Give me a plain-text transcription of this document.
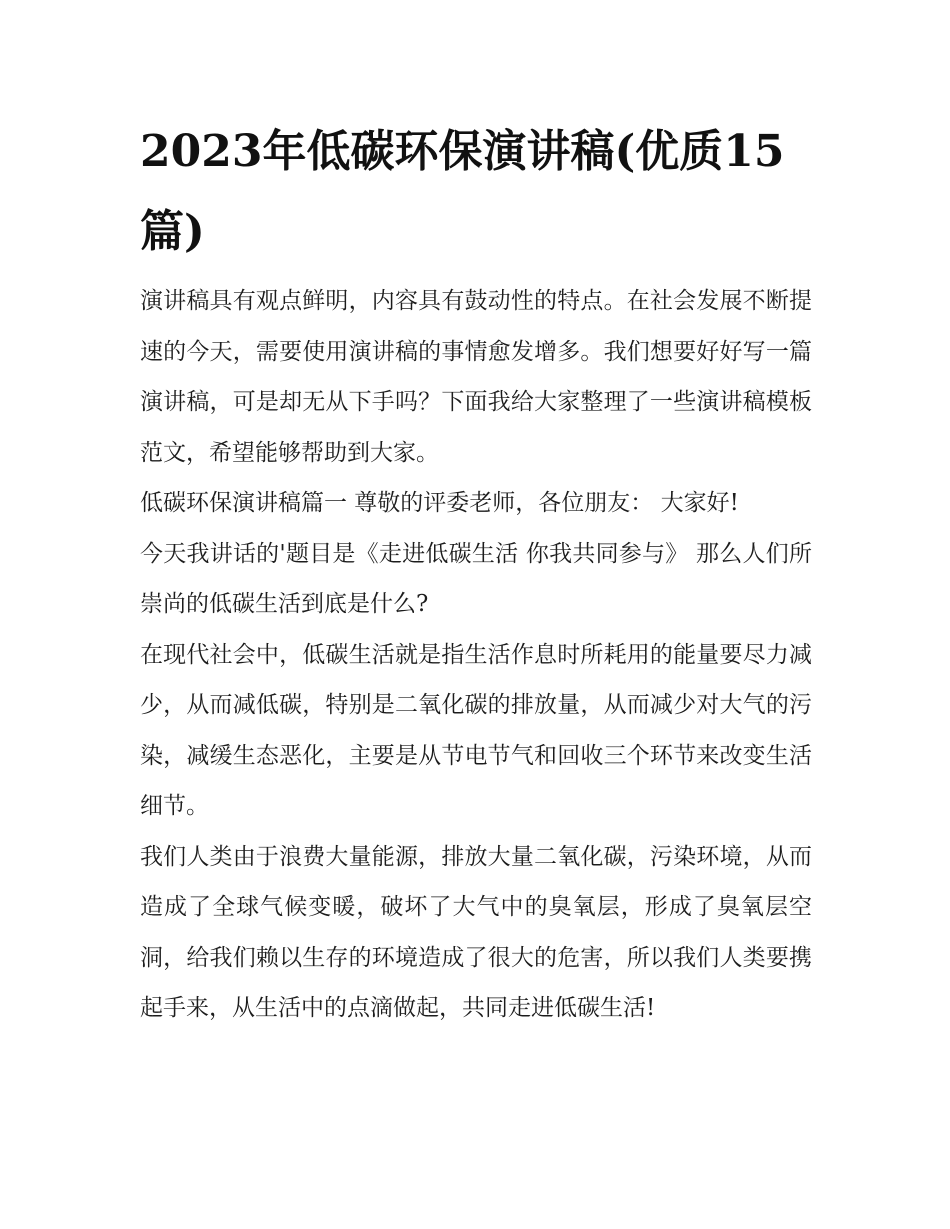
2023年低碳环保演讲稿(优质15篇)

演讲稿具有观点鲜明，内容具有鼓动性的特点。在社会发展不断提速的今天，需要使用演讲稿的事情愈发增多。我们想要好好写一篇演讲稿，可是却无从下手吗？下面我给大家整理了一些演讲稿模板范文，希望能够帮助到大家。

低碳环保演讲稿篇一 尊敬的评委老师，各位朋友： 大家好!

今天我讲话的'题目是《走进低碳生活 你我共同参与》 那么人们所崇尚的低碳生活到底是什么?

在现代社会中，低碳生活就是指生活作息时所耗用的能量要尽力减少，从而减低碳，特别是二氧化碳的排放量，从而减少对大气的污染，减缓生态恶化，主要是从节电节气和回收三个环节来改变生活细节。

我们人类由于浪费大量能源，排放大量二氧化碳，污染环境，从而造成了全球气候变暖，破坏了大气中的臭氧层，形成了臭氧层空洞，给我们赖以生存的环境造成了很大的危害，所以我们人类要携起手来，从生活中的点滴做起，共同走进低碳生活!
